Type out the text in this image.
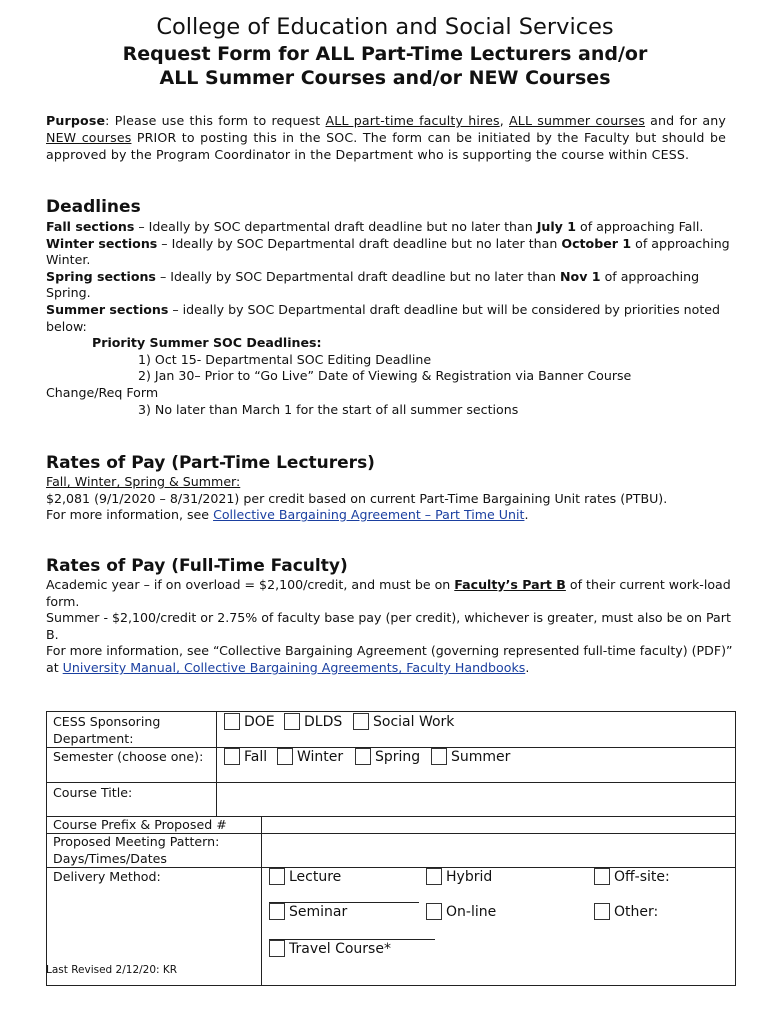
College of Education and Social Services
Request Form for ALL Part-Time Lecturers and/or
ALL Summer Courses and/or NEW Courses

Purpose: Please use this form to request ALL part-time faculty hires, ALL summer courses and for any NEW courses PRIOR to posting this in the SOC. The form can be initiated by the Faculty but should be approved by the Program Coordinator in the Department who is supporting the course within CESS.

Deadlines

Fall sections – Ideally by SOC departmental draft deadline but no later than July 1 of approaching Fall.

Winter sections – Ideally by SOC Departmental draft deadline but no later than October 1 of approaching Winter.

Spring sections – Ideally by SOC Departmental draft deadline but no later than Nov 1 of approaching Spring.

Summer sections – ideally by SOC Departmental draft deadline but will be considered by priorities noted below:

Priority Summer SOC Deadlines:

1) Oct 15- Departmental SOC Editing Deadline

2) Jan 30– Prior to “Go Live” Date of Viewing & Registration via Banner Course

Change/Req Form

3) No later than March 1 for the start of all summer sections

Rates of Pay (Part-Time Lecturers)

Fall, Winter, Spring & Summer:

$2,081 (9/1/2020 – 8/31/2021) per credit based on current Part-Time Bargaining Unit rates (PTBU).

For more information, see Collective Bargaining Agreement – Part Time Unit.

Rates of Pay (Full-Time Faculty)

Academic year – if on overload = $2,100/credit, and must be on Faculty’s Part B of their current work-load form.

Summer - $2,100/credit or 2.75% of faculty base pay (per credit), whichever is greater, must also be on Part B.

For more information, see “Collective Bargaining Agreement (governing represented full-time faculty) (PDF)” at University Manual, Collective Bargaining Agreements, Faculty Handbooks.

CESS Sponsoring Department:
DOE DLDS Social Work
Semester (choose one):	Fall Winter Spring Summer
Course Title:
Course Prefix & Proposed #
Proposed Meeting Pattern: Days/Times/Dates
Delivery Method:	Lecture	Hybrid	Off-site:
Seminar	On-line	Other:
Travel Course*
Last Revised 2/12/20: KR
